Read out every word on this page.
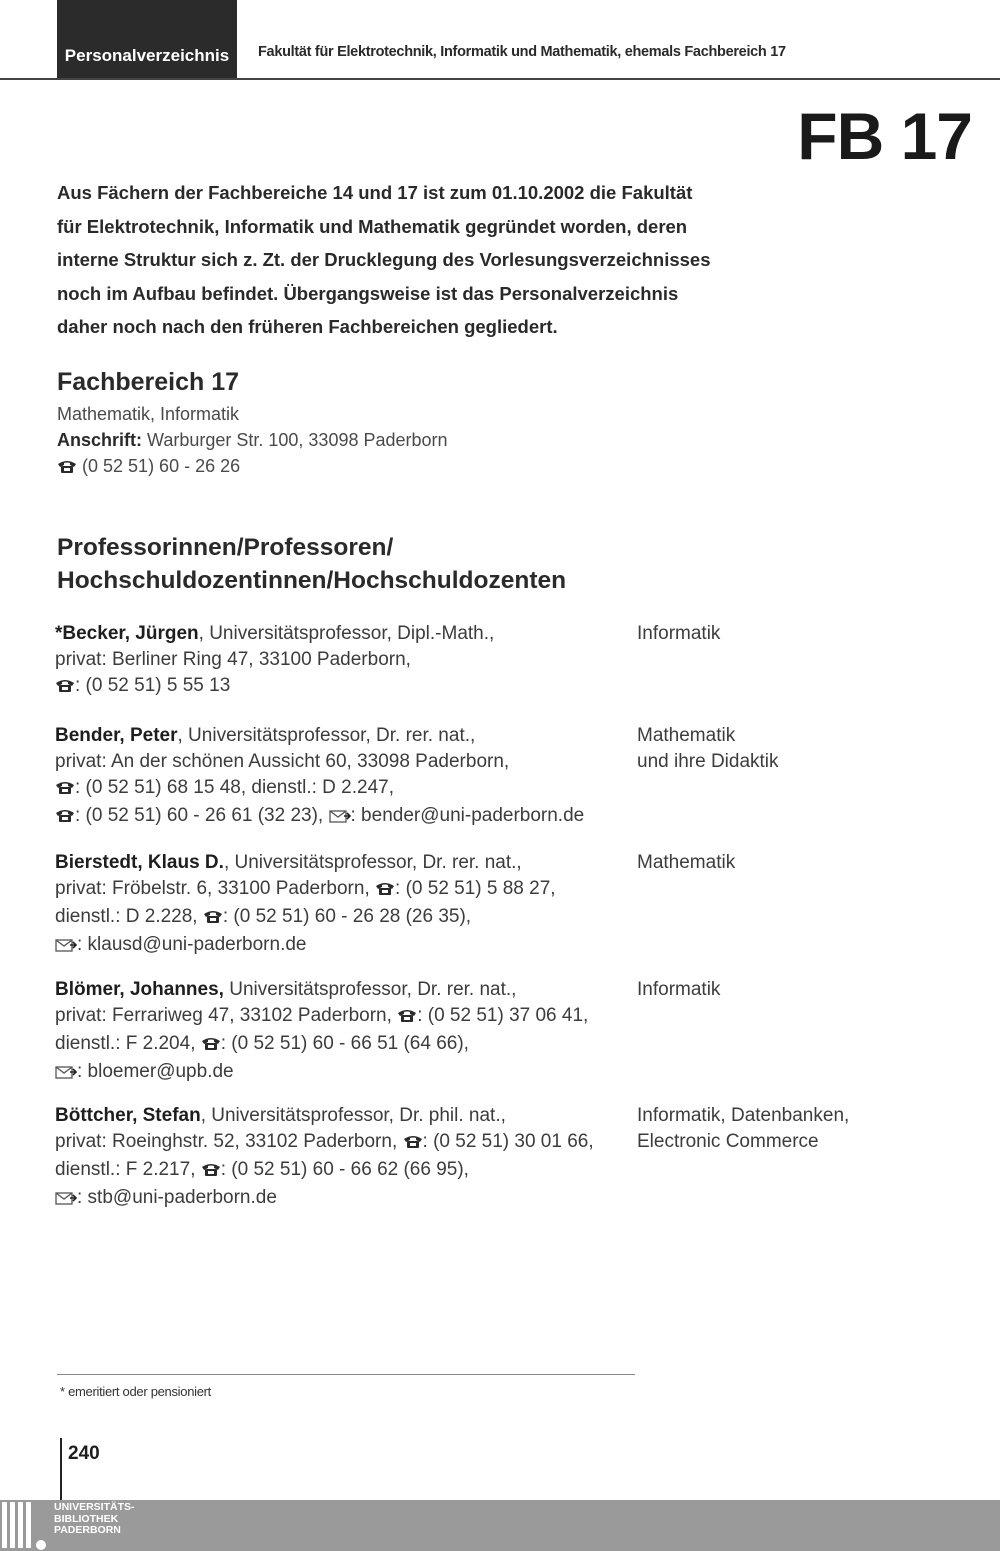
Personalverzeichnis Fakultät für Elektrotechnik, Informatik und Mathematik, ehemals Fachbereich 17
FB 17
Aus Fächern der Fachbereiche 14 und 17 ist zum 01.10.2002 die Fakultät
für Elektrotechnik, Informatik und Mathematik gegründet worden, deren
interne Struktur sich z. Zt. der Drucklegung des Vorlesungsverzeichnisses
noch im Aufbau befindet. Übergangsweise ist das Personalverzeichnis
daher noch nach den früheren Fachbereichen gegliedert.
Fachbereich 17
Mathematik, Informatik
Anschrift: Warburger Str. 100, 33098 Paderborn
(0 52 51) 60 - 26 26
Professorinnen/Professoren/
Hochschuldozentinnen/Hochschuldozenten
*Becker, Jürgen, Universitätsprofessor, Dipl.-Math.,
privat: Berliner Ring 47, 33100 Paderborn,
: (0 52 51) 5 55 13
Informatik
Bender, Peter, Universitätsprofessor, Dr. rer. nat.,
privat: An der schönen Aussicht 60, 33098 Paderborn,
: (0 52 51) 68 15 48, dienstl.: D 2.247,
: (0 52 51) 60 - 26 61 (32 23), : bender@uni-paderborn.de
Mathematik
und ihre Didaktik
Bierstedt, Klaus D., Universitätsprofessor, Dr. rer. nat.,
privat: Fröbelstr. 6, 33100 Paderborn, : (0 52 51) 5 88 27,
dienstl.: D 2.228, : (0 52 51) 60 - 26 28 (26 35),
: klausd@uni-paderborn.de
Mathematik
Blömer, Johannes, Universitätsprofessor, Dr. rer. nat.,
privat: Ferrariweg 47, 33102 Paderborn, : (0 52 51) 37 06 41,
dienstl.: F 2.204, : (0 52 51) 60 - 66 51 (64 66),
: bloemer@upb.de
Informatik
Böttcher, Stefan, Universitätsprofessor, Dr. phil. nat.,
privat: Roeinghstr. 52, 33102 Paderborn, : (0 52 51) 30 01 66,
dienstl.: F 2.217, : (0 52 51) 60 - 66 62 (66 95),
: stb@uni-paderborn.de
Informatik, Datenbanken,
Electronic Commerce
* emeritiert oder pensioniert
240
UNIVERSITÄTS-
BIBLIOTHEK
PADERBORN
